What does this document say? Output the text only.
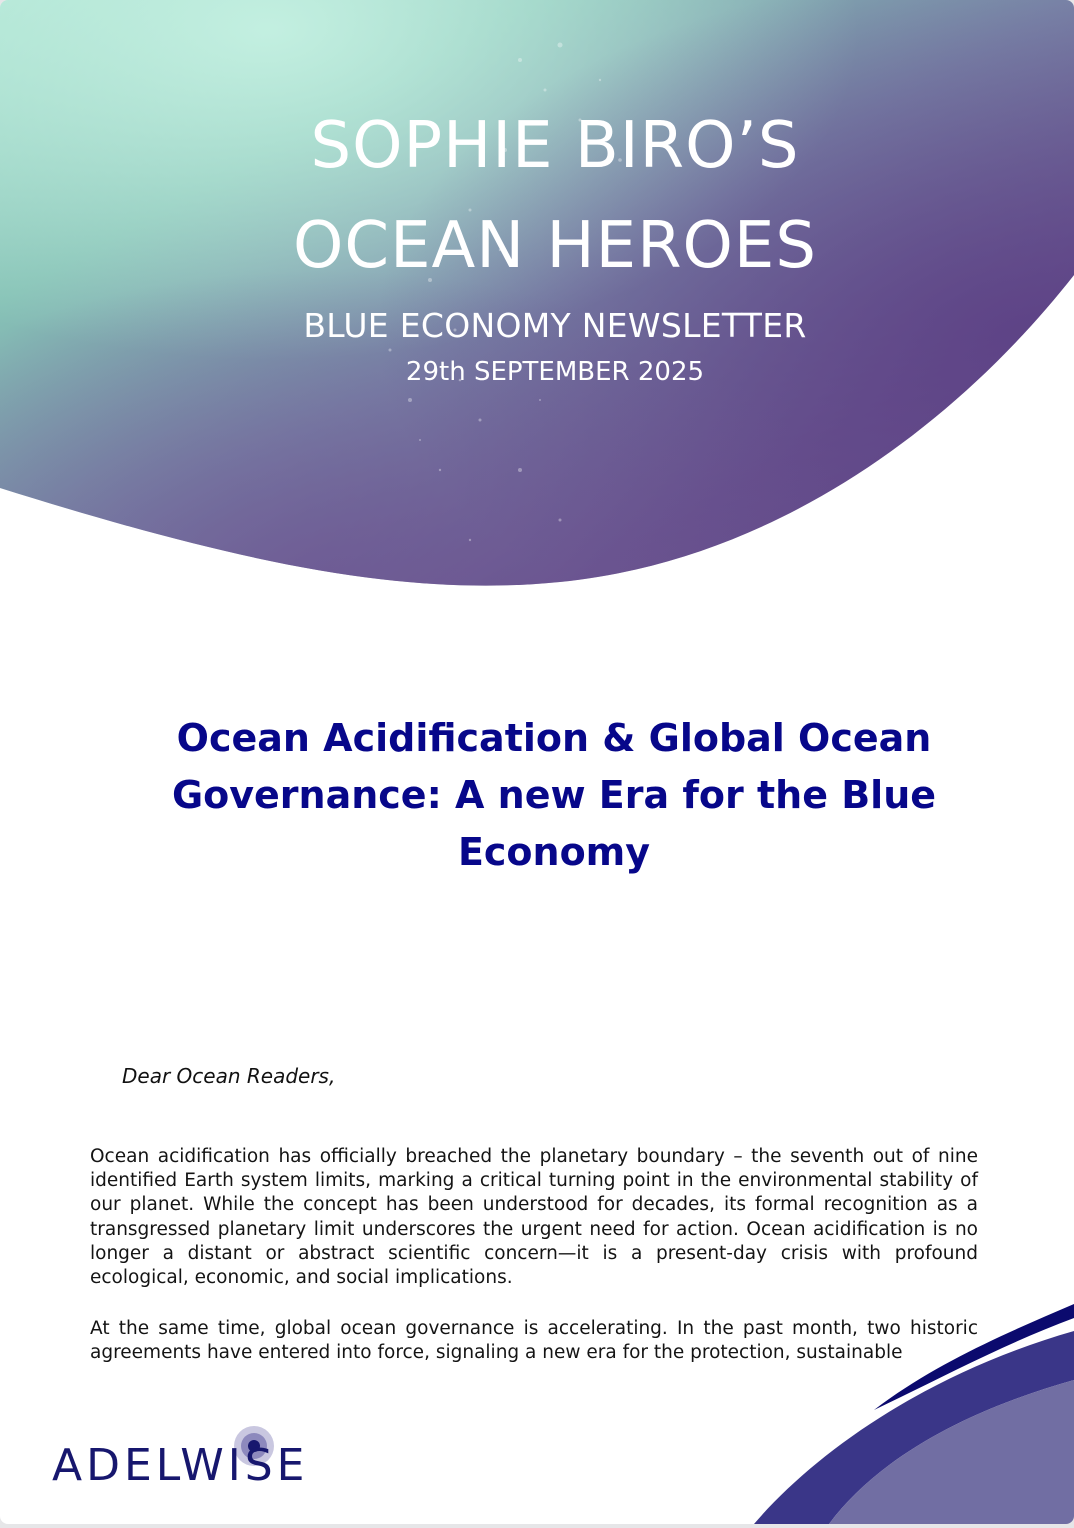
SOPHIE BIRO’S

OCEAN HEROES

BLUE ECONOMY NEWSLETTER

29th SEPTEMBER 2025

Ocean Acidification & Global Ocean Governance: A new Era for the Blue Economy

Dear Ocean Readers,

Ocean acidification has officially breached the planetary boundary – the seventh out of nine identified Earth system limits, marking a critical turning point in the environmental stability of our planet. While the concept has been understood for decades, its formal recognition as a transgressed planetary limit underscores the urgent need for action. Ocean acidification is no longer a distant or abstract scientific concern—it is a present-day crisis with profound ecological, economic, and social implications.

At the same time, global ocean governance is accelerating. In the past month, two historic agreements have entered into force, signaling a new era for the protection, sustainable

ADELWISE
